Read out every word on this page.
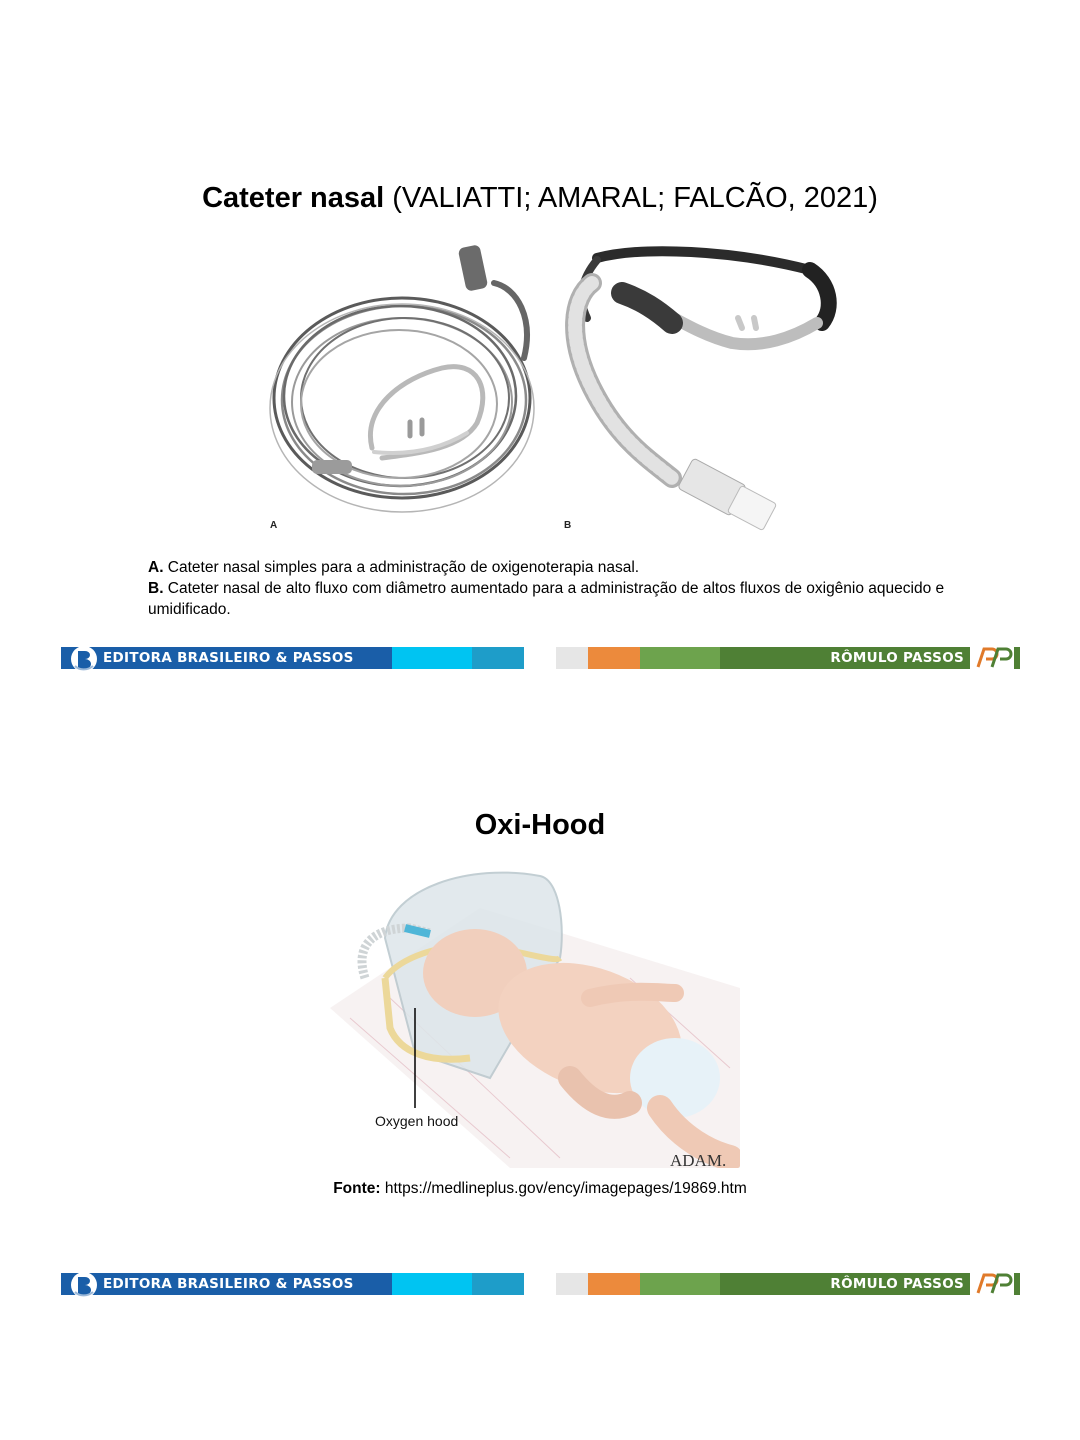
Cateter nasal (VALIATTI; AMARAL; FALCÃO, 2021)
A	B
A. Cateter nasal simples para a administração de oxigenoterapia nasal.
B. Cateter nasal de alto fluxo com diâmetro aumentado para a administração de altos fluxos de oxigênio aquecido e umidificado.
EDITORA BRASILEIRO & PASSOS	RÔMULO PASSOS
Oxi-Hood
Oxygen hood
ADAM.
Fonte: https://medlineplus.gov/ency/imagepages/19869.htm
EDITORA BRASILEIRO & PASSOS	RÔMULO PASSOS
